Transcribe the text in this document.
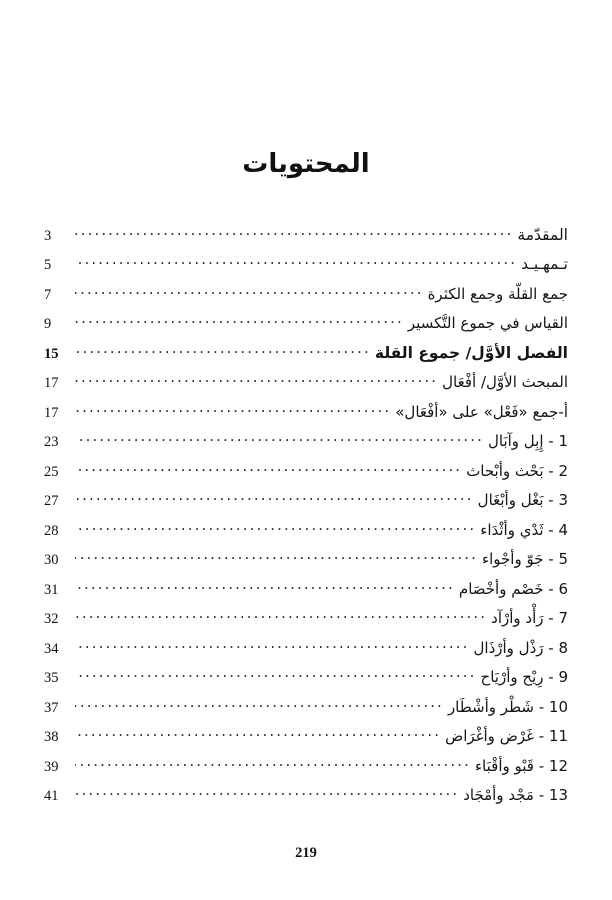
المحتويات
المقدّمة
.....
3
تـمهـيـد
.....
5
جمع القلّة وجمع الكثرة
.....
7
القياس في جموع التَّكسير
.....
9
الفصل الأوَّل/ جموع القلة
.....
15
المبحث الأوَّل/ أفْعَال
.....
17
أ-جمع «فَعْل» على «أفْعَال»
.....
17
1 - إِبِل وآبَال
.....
23
2 - بَحْث وأبْحاث
.....
25
3 - بَغْل وأبْغَال
.....
27
4 - ثَدْي وأثْدَاء
.....
28
5 - جَوّ وأجْواء
.....
30
6 - خَصْم وأخْصَام
.....
31
7 - رَأْد وأرْآد
.....
32
8 - رَذْل وأرْذَال
.....
34
9 - رِيْح وأرْيَاح
.....
35
10 - شَطْر وأشْطَار
.....
37
11 - غَرْض وأغْرَاض
.....
38
12 - قَبْو وأقْبَاء
.....
39
13 - مَجْد وأمْجَاد
.....
41
219
